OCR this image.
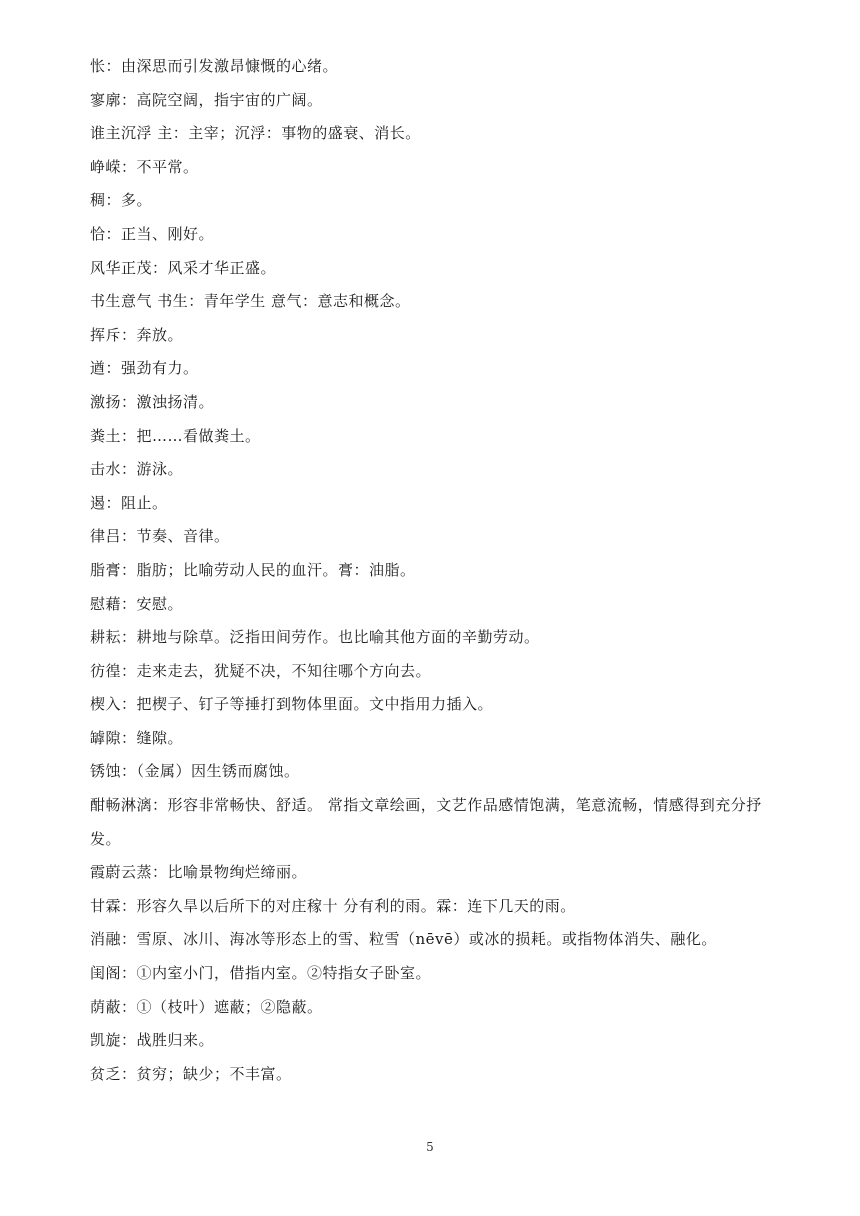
怅：由深思而引发激昂慷慨的心绪。

寥廓：高院空阔，指宇宙的广阔。

谁主沉浮 主：主宰；沉浮：事物的盛衰、消长。

峥嵘：不平常。

稠：多。

恰：正当、刚好。

风华正茂：风采才华正盛。

书生意气 书生：青年学生 意气：意志和概念。

挥斥：奔放。

遒：强劲有力。

激扬：激浊扬清。

粪土：把……看做粪土。

击水：游泳。

遏：阻止。

律吕：节奏、音律。

脂膏：脂肪；比喻劳动人民的血汗。膏：油脂。

慰藉：安慰。

耕耘：耕地与除草。泛指田间劳作。也比喻其他方面的辛勤劳动。

彷徨：走来走去，犹疑不决，不知往哪个方向去。

楔入：把楔子、钉子等捶打到物体里面。文中指用力插入。

罅隙：缝隙。

锈蚀：（金属）因生锈而腐蚀。

酣畅淋漓：形容非常畅快、舒适。 常指文章绘画，文艺作品感情饱满，笔意流畅，情感得到充分抒发。

霞蔚云蒸：比喻景物绚烂缔丽。

甘霖：形容久旱以后所下的对庄稼十 分有利的雨。霖：连下几天的雨。

消融：雪原、冰川、海冰等形态上的雪、粒雪（nēvē）或冰的损耗。或指物体消失、融化。

闺阁：①内室小门，借指内室。②特指女子卧室。

荫蔽：①（枝叶）遮蔽；②隐蔽。

凯旋：战胜归来。

贫乏：贫穷；缺少；不丰富。

5
